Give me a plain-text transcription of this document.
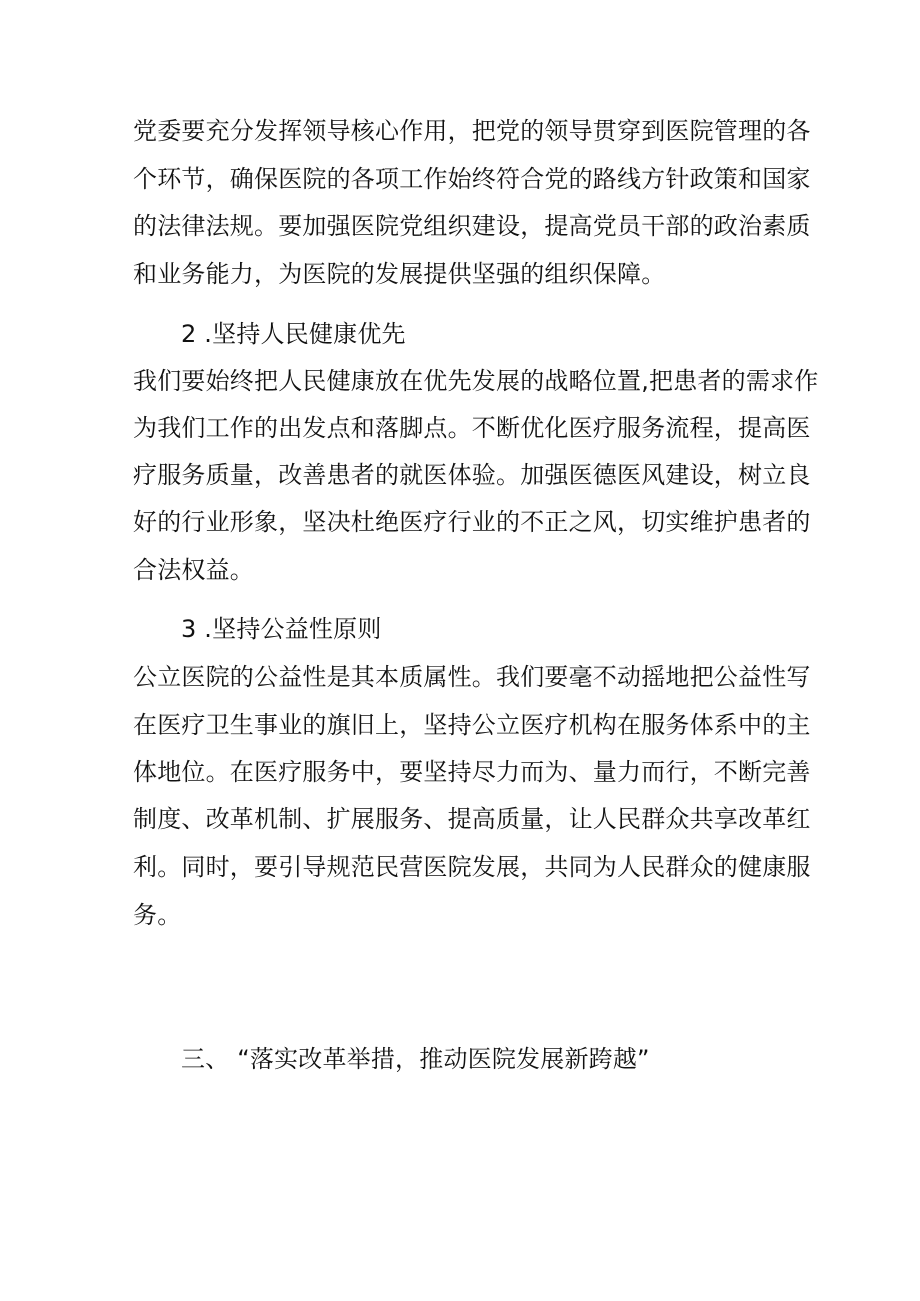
党委要充分发挥领导核心作用，把党的领导贯穿到医院管理的各
个环节，确保医院的各项工作始终符合党的路线方针政策和国家
的法律法规。要加强医院党组织建设，提高党员干部的政治素质
和业务能力，为医院的发展提供坚强的组织保障。
2 .坚持人民健康优先
我们要始终把人民健康放在优先发展的战略位置,把患者的需求作
为我们工作的出发点和落脚点。不断优化医疗服务流程，提高医
疗服务质量，改善患者的就医体验。加强医德医风建设，树立良
好的行业形象，坚决杜绝医疗行业的不正之风，切实维护患者的
合法权益。
3 .坚持公益性原则
公立医院的公益性是其本质属性。我们要毫不动摇地把公益性写
在医疗卫生事业的旗旧上，坚持公立医疗机构在服务体系中的主
体地位。在医疗服务中，要坚持尽力而为、量力而行，不断完善
制度、改革机制、扩展服务、提高质量，让人民群众共享改革红
利。同时，要引导规范民营医院发展，共同为人民群众的健康服
务。
三、 “落实改革举措，推动医院发展新跨越”
